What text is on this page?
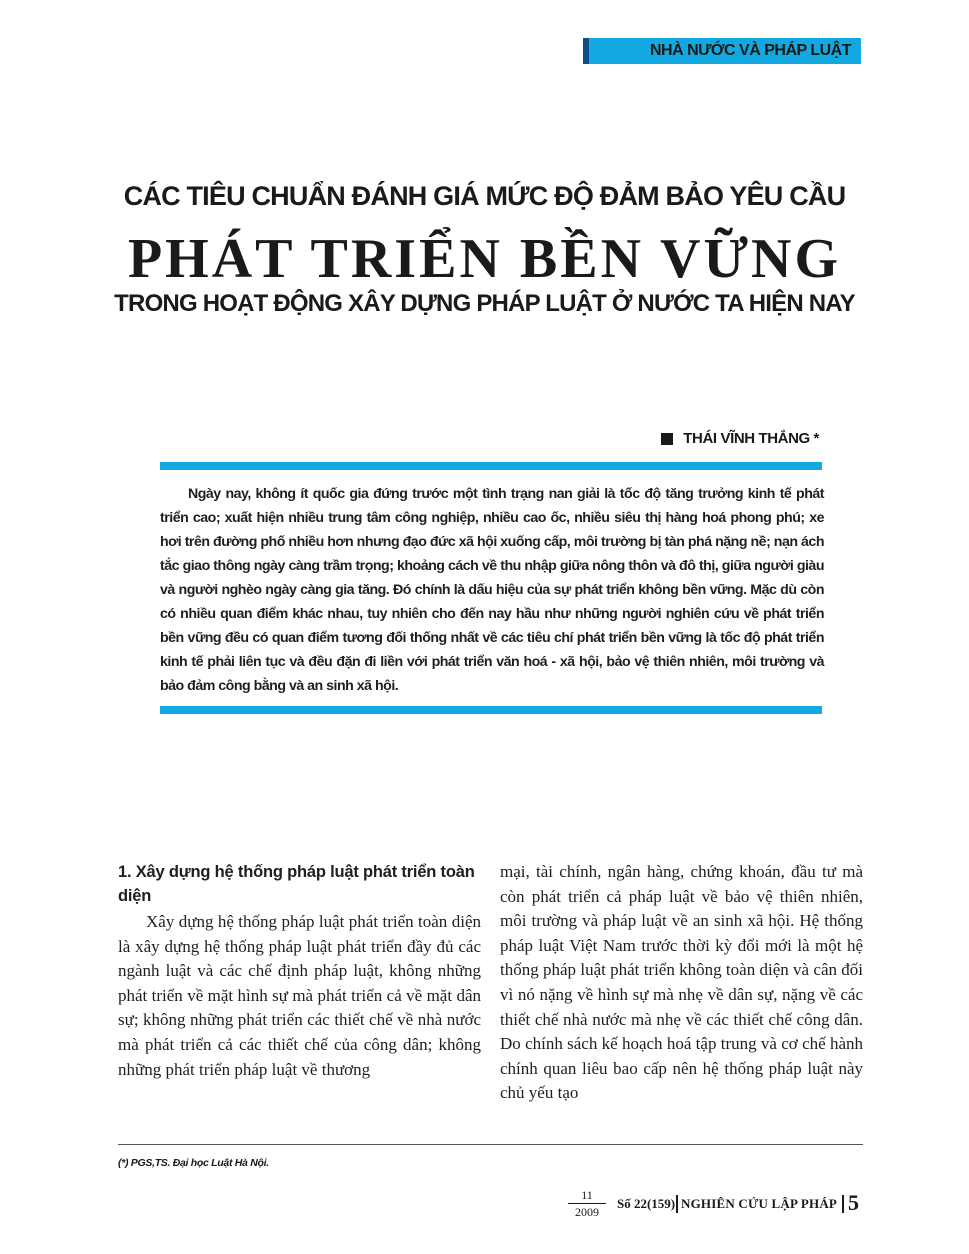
NHÀ NƯỚC VÀ PHÁP LUẬT
CÁC TIÊU CHUẨN ĐÁNH GIÁ MỨC ĐỘ ĐẢM BẢO YÊU CẦU
PHÁT TRIỂN BỀN VỮNG
TRONG HOẠT ĐỘNG XÂY DỰNG PHÁP LUẬT Ở NƯỚC TA HIỆN NAY
THÁI VĨNH THẮNG *
Ngày nay, không ít quốc gia đứng trước một tình trạng nan giải là tốc độ tăng trưởng kinh tế phát triển cao; xuất hiện nhiều trung tâm công nghiệp, nhiều cao ốc, nhiều siêu thị hàng hoá phong phú; xe hơi trên đường phố nhiều hơn nhưng đạo đức xã hội xuống cấp, môi trường bị tàn phá nặng nề; nạn ách tắc giao thông ngày càng trầm trọng; khoảng cách về thu nhập giữa nông thôn và đô thị, giữa người giàu và người nghèo ngày càng gia tăng. Đó chính là dấu hiệu của sự phát triển không bền vững. Mặc dù còn có nhiều quan điểm khác nhau, tuy nhiên cho đến nay hầu như những người nghiên cứu về phát triển bền vững đều có quan điểm tương đối thống nhất về các tiêu chí phát triển bền vững là tốc độ phát triển kinh tế phải liên tục và đều đặn đi liền với phát triển văn hoá - xã hội, bảo vệ thiên nhiên, môi trường và bảo đảm công bằng và an sinh xã hội.
1. Xây dựng hệ thống pháp luật phát triển toàn diện
Xây dựng hệ thống pháp luật phát triển toàn diện là xây dựng hệ thống pháp luật phát triển đầy đủ các ngành luật và các chế định pháp luật, không những phát triển về mặt hình sự mà phát triển cả về mặt dân sự; không những phát triển các thiết chế về nhà nước mà phát triển cả các thiết chế của công dân; không những phát triển pháp luật về thương
mại, tài chính, ngân hàng, chứng khoán, đầu tư mà còn phát triển cả pháp luật về bảo vệ thiên nhiên, môi trường và pháp luật về an sinh xã hội. Hệ thống pháp luật Việt Nam trước thời kỳ đổi mới là một hệ thống pháp luật phát triển không toàn diện và cân đối vì nó nặng về hình sự mà nhẹ về dân sự, nặng về các thiết chế nhà nước mà nhẹ về các thiết chế công dân. Do chính sách kế hoạch hoá tập trung và cơ chế hành chính quan liêu bao cấp nên hệ thống pháp luật này chủ yếu tạo
(*) PGS,TS. Đại học Luật Hà Nội.
11
2009
Số 22(159) NGHIÊN CỨU LẬP PHÁP 5
